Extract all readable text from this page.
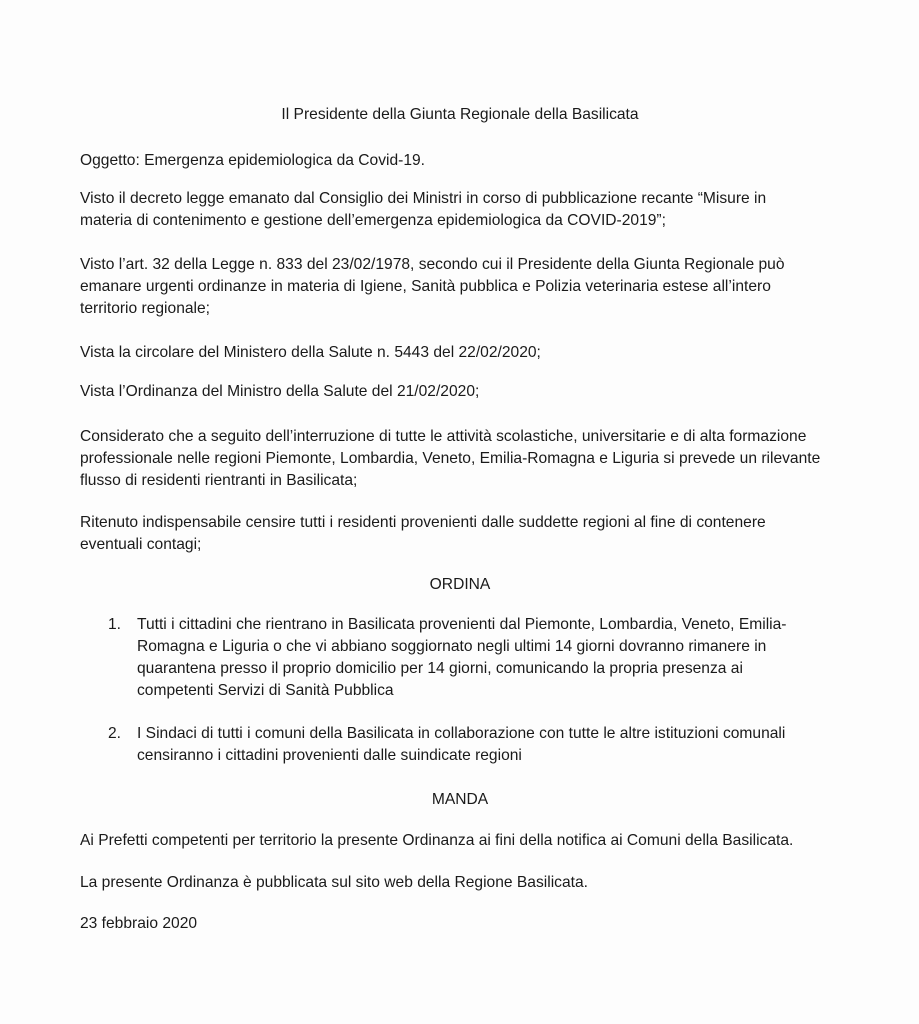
Il Presidente della Giunta Regionale della Basilicata

Oggetto: Emergenza epidemiologica da Covid-19.

Visto il decreto legge emanato dal Consiglio dei Ministri in corso di pubblicazione recante “Misure in materia di contenimento e gestione dell’emergenza epidemiologica da COVID-2019”;

Visto l’art. 32 della Legge n. 833 del 23/02/1978, secondo cui il Presidente della Giunta Regionale può emanare urgenti ordinanze in materia di Igiene, Sanità pubblica e Polizia veterinaria estese all’intero territorio regionale;

Vista la circolare del Ministero della Salute n. 5443 del 22/02/2020;

Vista l’Ordinanza del Ministro della Salute del 21/02/2020;

Considerato che a seguito dell’interruzione di tutte le attività scolastiche, universitarie e di alta formazione professionale nelle regioni Piemonte, Lombardia, Veneto, Emilia-Romagna e Liguria si prevede un rilevante flusso di residenti rientranti in Basilicata;

Ritenuto indispensabile censire tutti i residenti provenienti dalle suddette regioni al fine di contenere eventuali contagi;

ORDINA

1.	Tutti i cittadini che rientrano in Basilicata provenienti dal Piemonte, Lombardia, Veneto, Emilia-Romagna e Liguria o che vi abbiano soggiornato negli ultimi 14 giorni dovranno rimanere in quarantena presso il proprio domicilio per 14 giorni, comunicando la propria presenza ai competenti Servizi di Sanità Pubblica
2.	I Sindaci di tutti i comuni della Basilicata in collaborazione con tutte le altre istituzioni comunali censiranno i cittadini provenienti dalle suindicate regioni

MANDA

Ai Prefetti competenti per territorio la presente Ordinanza ai fini della notifica ai Comuni della Basilicata.

La presente Ordinanza è pubblicata sul sito web della Regione Basilicata.

23 febbraio 2020
